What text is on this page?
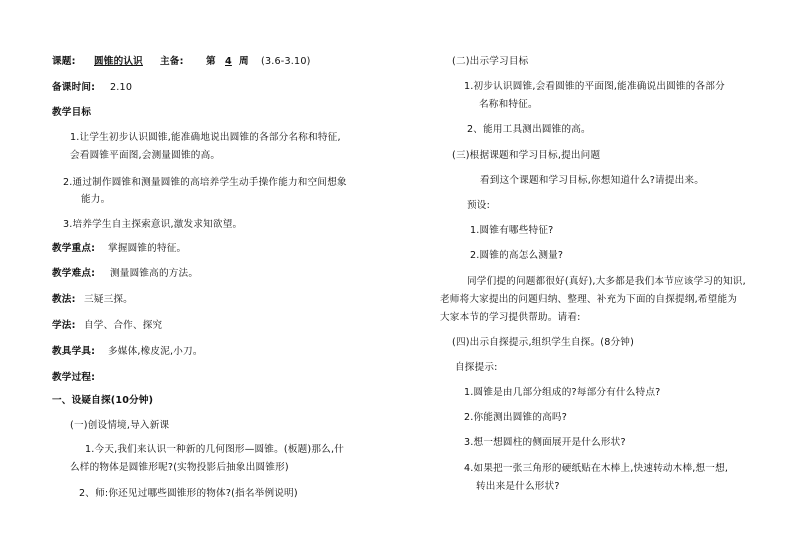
课题: 圆锥的认识 主备: 第 4 周 (3.6-3.10)
备课时间: 2.10
教学目标
1.让学生初步认识圆锥,能准确地说出圆锥的各部分名称和特征,
会看圆锥平面图,会测量圆锥的高。
2.通过制作圆锥和测量圆锥的高培养学生动手操作能力和空间想象
能力。
3.培养学生自主探索意识,激发求知欲望。
教学重点: 掌握圆锥的特征。
教学难点: 测量圆锥高的方法。
教法: 三疑三探。
学法: 自学、合作、探究
教具学具: 多媒体,橡皮泥,小刀。
教学过程:
一、设疑自探(10分钟)
(一)创设情境,导入新课
1.今天,我们来认识一种新的几何图形—圆锥。(板题)那么,什
么样的物体是圆锥形呢?(实物投影后抽象出圆锥形)
2、师:你还见过哪些圆锥形的物体?(指名举例说明)
(二)出示学习目标
1.初步认识圆锥,会看圆锥的平面图,能准确说出圆锥的各部分
名称和特征。
2、能用工具测出圆锥的高。
(三)根据课题和学习目标,提出问题
看到这个课题和学习目标,你想知道什么?请提出来。
预设:
1.圆锥有哪些特征?
2.圆锥的高怎么测量?
同学们提的问题都很好(真好),大多都是我们本节应该学习的知识,
老师将大家提出的问题归纳、整理、补充为下面的自探提纲,希望能为
大家本节的学习提供帮助。请看:
(四)出示自探提示,组织学生自探。(8分钟)
自探提示:
1.圆锥是由几部分组成的?每部分有什么特点?
2.你能测出圆锥的高吗?
3.想一想圆柱的侧面展开是什么形状?
4.如果把一张三角形的硬纸贴在木棒上,快速转动木棒,想一想,
转出来是什么形状?
